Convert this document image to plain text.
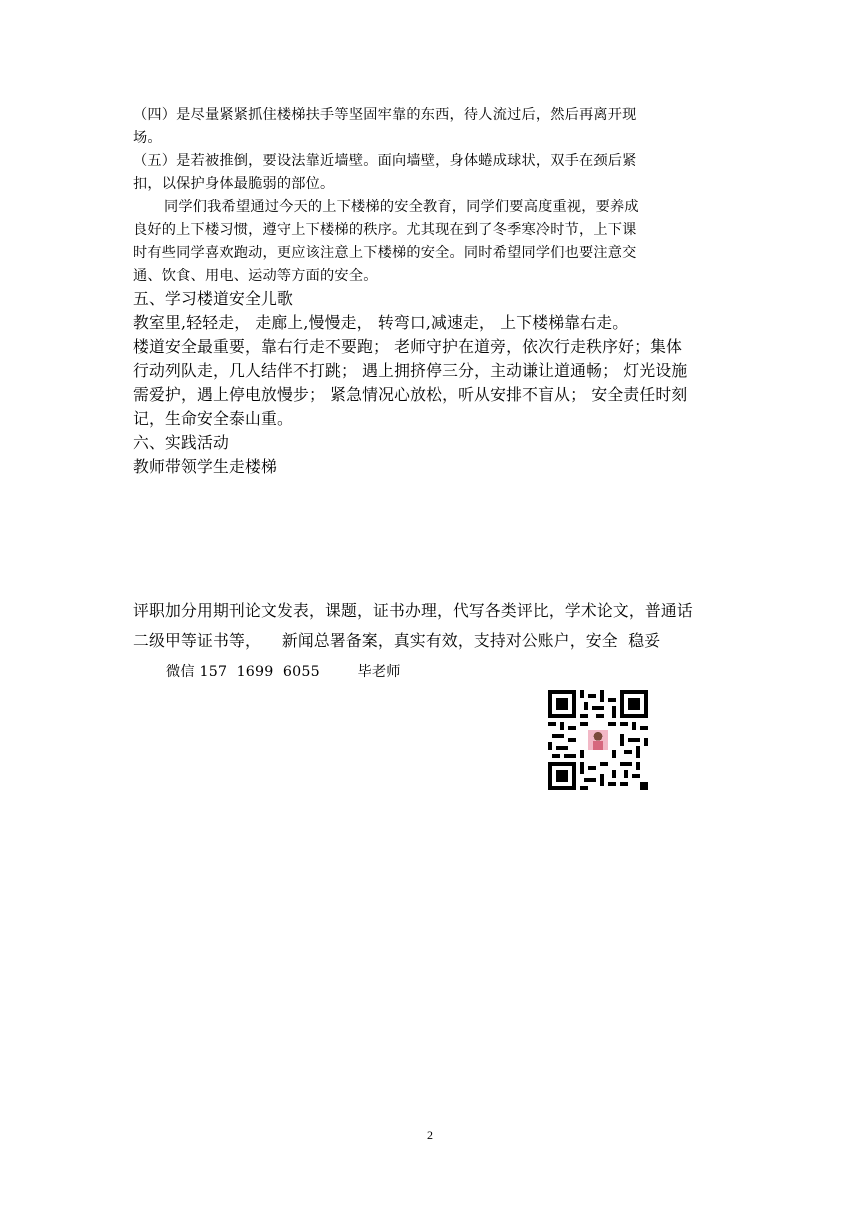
（四）是尽量紧紧抓住楼梯扶手等坚固牢靠的东西，待人流过后，然后再离开现
场。
（五）是若被推倒，要设法靠近墙壁。面向墙壁，身体蜷成球状，双手在颈后紧
扣，以保护身体最脆弱的部位。
同学们我希望通过今天的上下楼梯的安全教育，同学们要高度重视，要养成
良好的上下楼习惯，遵守上下楼梯的秩序。尤其现在到了冬季寒冷时节，上下课
时有些同学喜欢跑动，更应该注意上下楼梯的安全。同时希望同学们也要注意交
通、饮食、用电、运动等方面的安全。
五、学习楼道安全儿歌
教室里,轻轻走， 走廊上,慢慢走， 转弯口,减速走， 上下楼梯靠右走。
楼道安全最重要，靠右行走不要跑； 老师守护在道旁，依次行走秩序好；集体
行动列队走，几人结伴不打跳； 遇上拥挤停三分，主动谦让道通畅； 灯光设施
需爱护，遇上停电放慢步； 紧急情况心放松，听从安排不盲从； 安全责任时刻
记，生命安全泰山重。
六、实践活动
教师带领学生走楼梯
评职加分用期刊论文发表，课题，证书办理，代写各类评比，学术论文，普通话
二级甲等证书等，    新闻总署备案，真实有效，支持对公账户，安全  稳妥
微信 157  1699  6055        毕老师
2
